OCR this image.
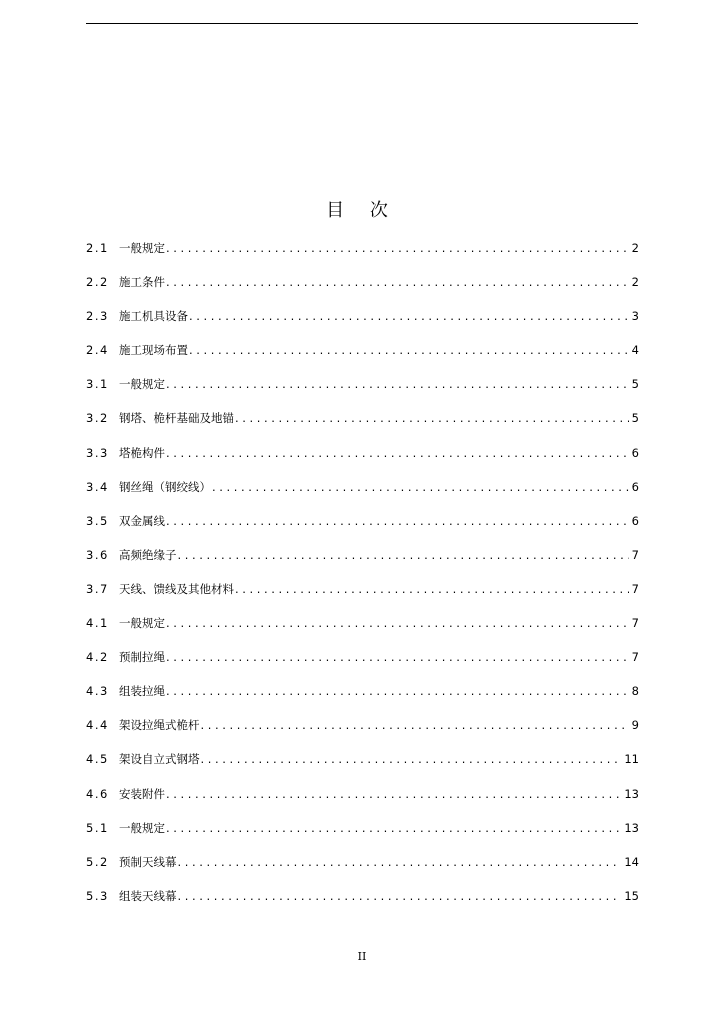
目 次
2.1 一般规定 .....	2
2.2 施工条件 .....	2
2.3 施工机具设备 .....	3
2.4 施工现场布置 .....	4
3.1 一般规定 .....	5
3.2 钢塔、桅杆基础及地锚 .....	5
3.3 塔桅构件 .....	6
3.4 钢丝绳（钢绞线） .....	6
3.5 双金属线 .....	6
3.6 高频绝缘子 .....	7
3.7 天线、馈线及其他材料 .....	7
4.1 一般规定 .....	7
4.2 预制拉绳 .....	7
4.3 组装拉绳 .....	8
4.4 架设拉绳式桅杆 .....	9
4.5 架设自立式钢塔 .....	11
4.6 安装附件 .....	13
5.1 一般规定 .....	13
5.2 预制天线幕 .....	14
5.3 组装天线幕 .....	15
II
